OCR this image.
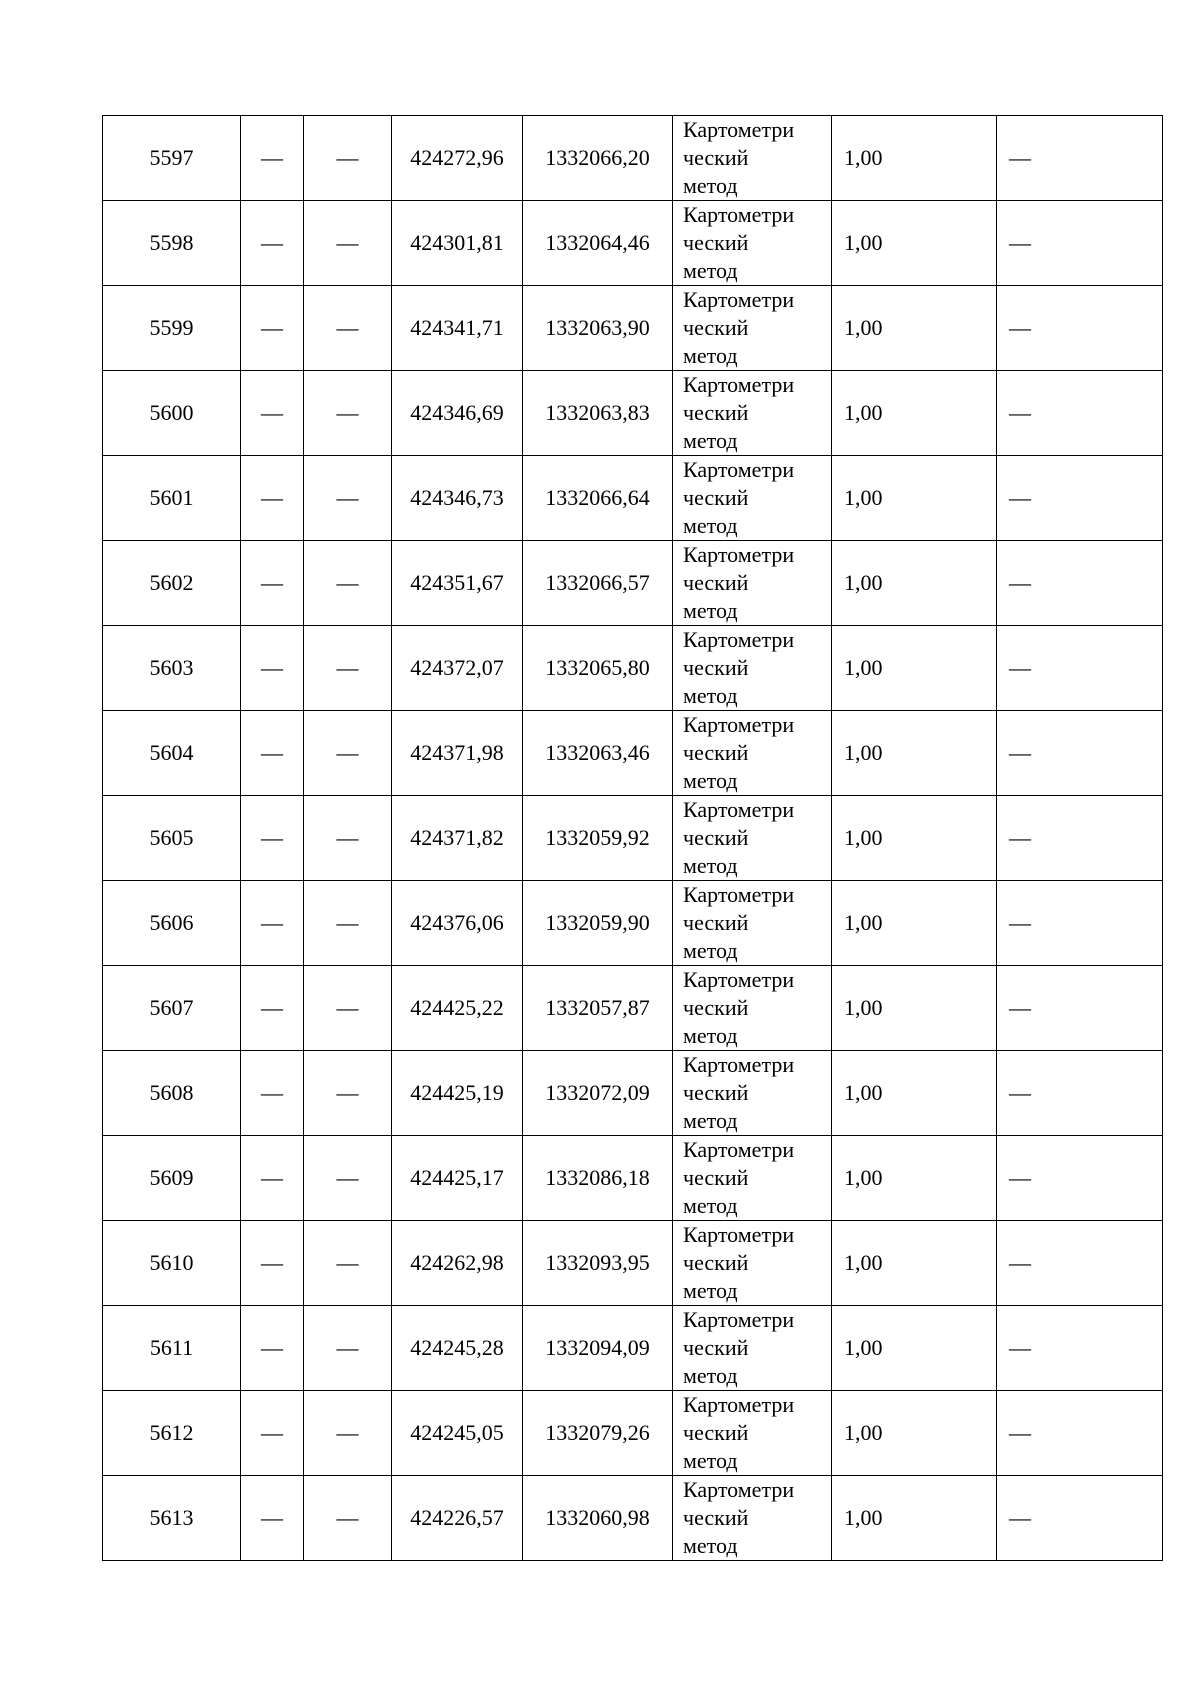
5597	—	—	424272,96	1332066,20	Картометри
ческий
метод	1,00	—
5598	—	—	424301,81	1332064,46	Картометри
ческий
метод	1,00	—
5599	—	—	424341,71	1332063,90	Картометри
ческий
метод	1,00	—
5600	—	—	424346,69	1332063,83	Картометри
ческий
метод	1,00	—
5601	—	—	424346,73	1332066,64	Картометри
ческий
метод	1,00	—
5602	—	—	424351,67	1332066,57	Картометри
ческий
метод	1,00	—
5603	—	—	424372,07	1332065,80	Картометри
ческий
метод	1,00	—
5604	—	—	424371,98	1332063,46	Картометри
ческий
метод	1,00	—
5605	—	—	424371,82	1332059,92	Картометри
ческий
метод	1,00	—
5606	—	—	424376,06	1332059,90	Картометри
ческий
метод	1,00	—
5607	—	—	424425,22	1332057,87	Картометри
ческий
метод	1,00	—
5608	—	—	424425,19	1332072,09	Картометри
ческий
метод	1,00	—
5609	—	—	424425,17	1332086,18	Картометри
ческий
метод	1,00	—
5610	—	—	424262,98	1332093,95	Картометри
ческий
метод	1,00	—
5611	—	—	424245,28	1332094,09	Картометри
ческий
метод	1,00	—
5612	—	—	424245,05	1332079,26	Картометри
ческий
метод	1,00	—
5613	—	—	424226,57	1332060,98	Картометри
ческий
метод	1,00	—
